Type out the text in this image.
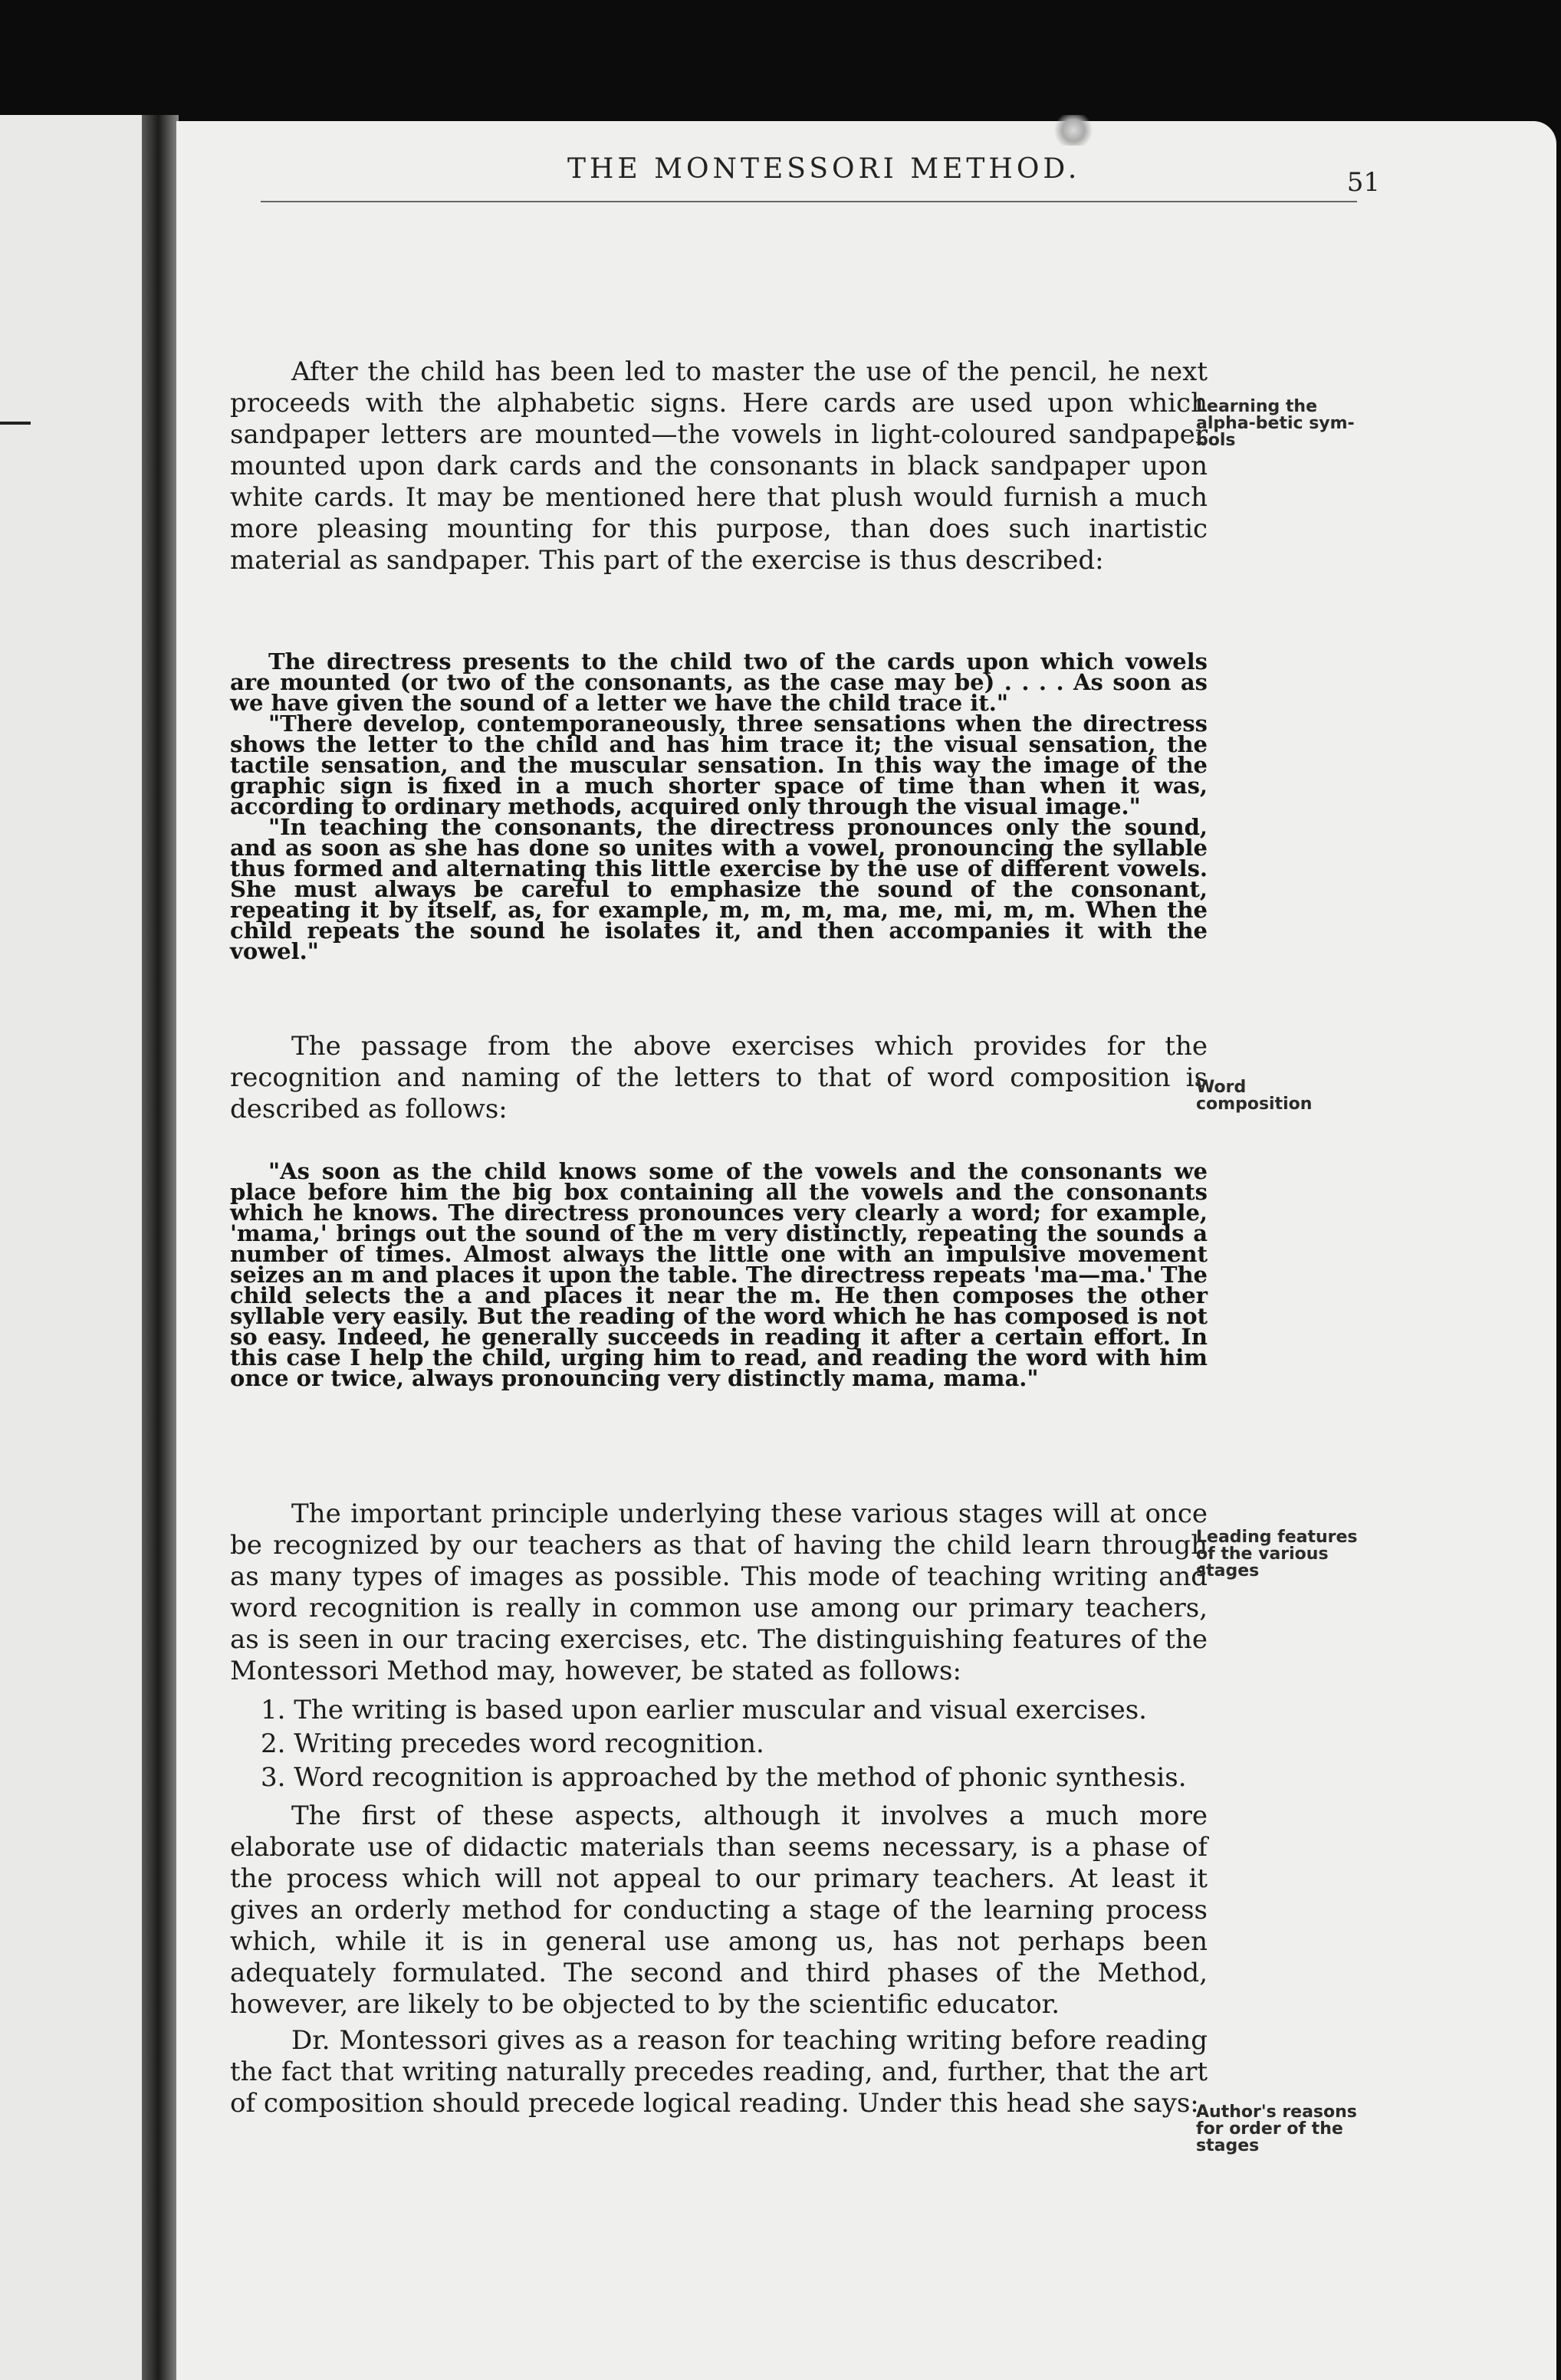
THE MONTESSORI METHOD.	51

After the child has been led to master the use of the pencil, he next proceeds with the alphabetic signs. Here cards are used upon which sandpaper letters are mounted—the vowels in light-coloured sandpaper mounted upon dark cards and the consonants in black sandpaper upon white cards. It may be mentioned here that plush would furnish a much more pleasing mounting for this purpose, than does such inartistic material as sandpaper. This part of the exercise is thus described:

The directress presents to the child two of the cards upon which vowels are mounted (or two of the consonants, as the case may be) . . . . As soon as we have given the sound of a letter we have the child trace it."

"There develop, contemporaneously, three sensations when the directress shows the letter to the child and has him trace it; the visual sensation, the tactile sensation, and the muscular sensation. In this way the image of the graphic sign is fixed in a much shorter space of time than when it was, according to ordinary methods, acquired only through the visual image."

"In teaching the consonants, the directress pronounces only the sound, and as soon as she has done so unites with a vowel, pronouncing the syllable thus formed and alternating this little exercise by the use of different vowels. She must always be careful to emphasize the sound of the consonant, repeating it by itself, as, for example, m, m, m, ma, me, mi, m, m. When the child repeats the sound he isolates it, and then accompanies it with the vowel."

The passage from the above exercises which provides for the recognition and naming of the letters to that of word composition is described as follows:

"As soon as the child knows some of the vowels and the consonants we place before him the big box containing all the vowels and the consonants which he knows. The directress pronounces very clearly a word; for example, 'mama,' brings out the sound of the m very distinctly, repeating the sounds a number of times. Almost always the little one with an impulsive movement seizes an m and places it upon the table. The directress repeats 'ma—ma.' The child selects the a and places it near the m. He then composes the other syllable very easily. But the reading of the word which he has composed is not so easy. Indeed, he generally succeeds in reading it after a certain effort. In this case I help the child, urging him to read, and reading the word with him once or twice, always pronouncing very distinctly mama, mama."

The important principle underlying these various stages will at once be recognized by our teachers as that of having the child learn through as many types of images as possible. This mode of teaching writing and word recognition is really in common use among our primary teachers, as is seen in our tracing exercises, etc. The distinguishing features of the Montessori Method may, however, be stated as follows:

1. The writing is based upon earlier muscular and visual exercises.
2. Writing precedes word recognition.
3. Word recognition is approached by the method of phonic synthesis.

The first of these aspects, although it involves a much more elaborate use of didactic materials than seems necessary, is a phase of the process which will not appeal to our primary teachers. At least it gives an orderly method for conducting a stage of the learning process which, while it is in general use among us, has not perhaps been adequately formulated. The second and third phases of the Method, however, are likely to be objected to by the scientific educator.

Dr. Montessori gives as a reason for teaching writing before reading the fact that writing naturally precedes reading, and, further, that the art of composition should precede logical reading. Under this head she says:

Learning the alpha-betic sym-bols
Word composition
Leading features of the various stages
Author's reasons for order of the stages
